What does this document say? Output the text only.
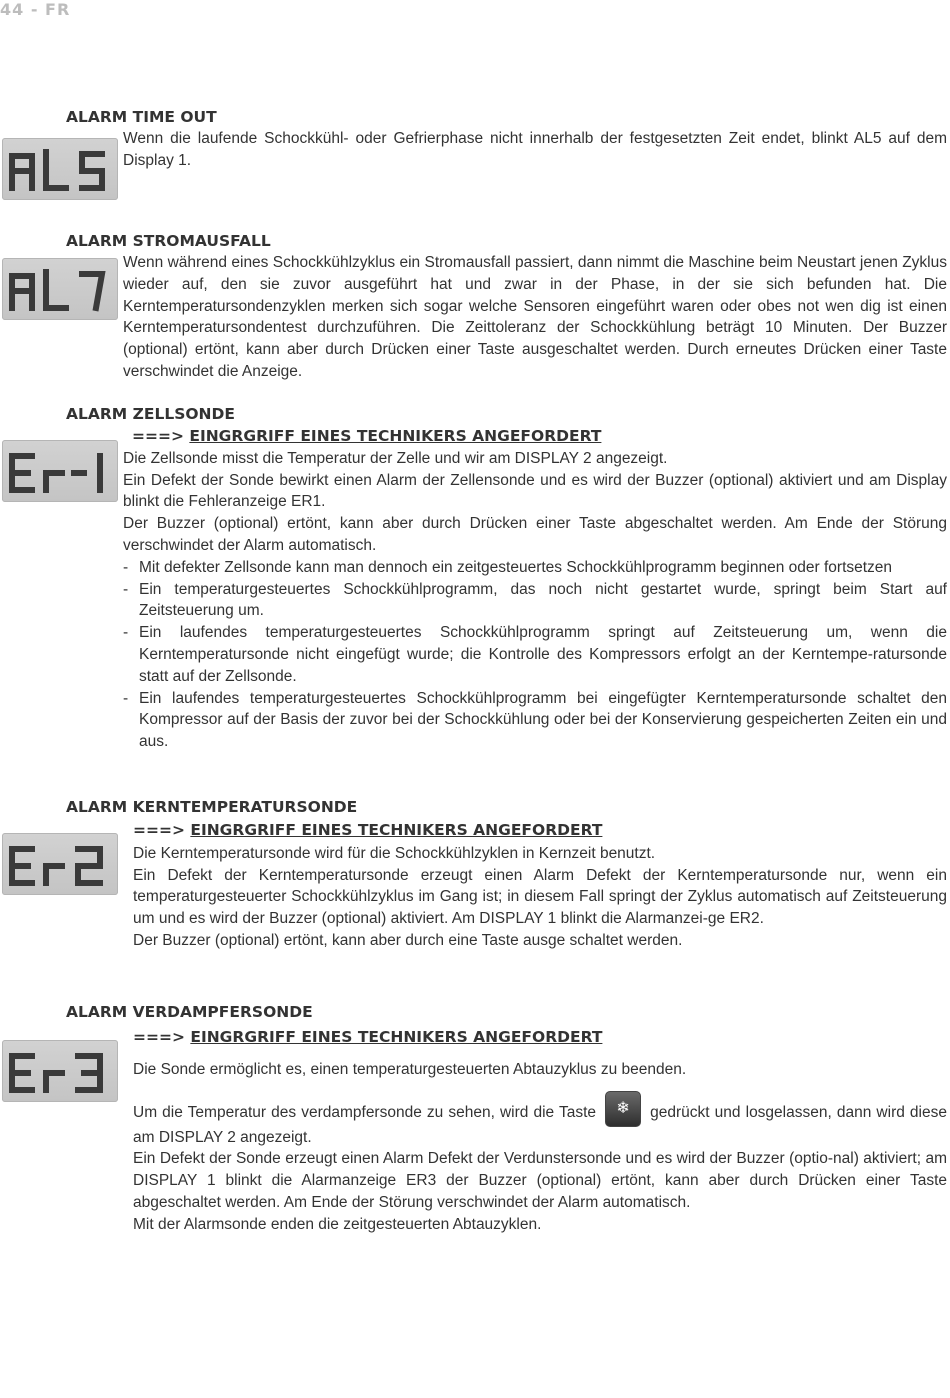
44 - FR
ALARM TIME OUT

Wenn die laufende Schockkühl- oder Gefrierphase nicht innerhalb der festgesetzten Zeit endet, blinkt AL5 auf dem Display 1.

ALARM STROMAUSFALL

Wenn während eines Schockkühlzyklus ein Stromausfall passiert, dann nimmt die Maschine beim Neustart jenen Zyklus wieder auf, den sie zuvor ausgeführt hat und zwar in der Phase, in der sie sich befunden hat. Die Kerntemperatursondenzyklen merken sich sogar welche Sensoren eingeführt waren oder obes not wen dig ist einen Kerntemperatursondentest durchzuführen. Die Zeittoleranz der Schockkühlung beträgt 10 Minuten. Der Buzzer (optional) ertönt, kann aber durch Drücken einer Taste ausgeschaltet werden. Durch erneutes Drücken einer Taste verschwindet die Anzeige.

ALARM ZELLSONDE
===> EINGRGRIFF EINES TECHNIKERS ANGEFORDERT

Die Zellsonde misst die Temperatur der Zelle und wir am DISPLAY 2 angezeigt.

Ein Defekt der Sonde bewirkt einen Alarm der Zellensonde und es wird der Buzzer (optional) aktiviert und am Display blinkt die Fehleranzeige ER1.

Der Buzzer (optional) ertönt, kann aber durch Drücken einer Taste abgeschaltet werden. Am Ende der Störung verschwindet der Alarm automatisch.

- Mit defekter Zellsonde kann man dennoch ein zeitgesteuertes Schockkühlprogramm beginnen oder fortsetzen
- Ein temperaturgesteuertes Schockkühlprogramm, das noch nicht gestartet wurde, springt beim Start auf Zeitsteuerung um.
- Ein laufendes temperaturgesteuertes Schockkühlprogramm springt auf Zeitsteuerung um, wenn die Kerntemperatursonde nicht eingefügt wurde; die Kontrolle des Kompressors erfolgt an der Kerntempe-ratursonde statt auf der Zellsonde.
- Ein laufendes temperaturgesteuertes Schockkühlprogramm bei eingefügter Kerntemperatursonde schaltet den Kompressor auf der Basis der zuvor bei der Schockkühlung oder bei der Konservierung gespeicherten Zeiten ein und aus.
ALARM KERNTEMPERATURSONDE
===> EINGRGRIFF EINES TECHNIKERS ANGEFORDERT

Die Kerntemperatursonde wird für die Schockkühlzyklen in Kernzeit benutzt.

Ein Defekt der Kerntemperatursonde erzeugt einen Alarm Defekt der Kerntemperatursonde nur, wenn ein temperaturgesteuerter Schockkühlzyklus im Gang ist; in diesem Fall springt der Zyklus automatisch auf Zeitsteuerung um und es wird der Buzzer (optional) aktiviert. Am DISPLAY 1 blinkt die Alarmanzei-ge ER2.

Der Buzzer (optional) ertönt, kann aber durch eine Taste ausge schaltet werden.

ALARM VERDAMPFERSONDE
===> EINGRGRIFF EINES TECHNIKERS ANGEFORDERT

Die Sonde ermöglicht es, einen temperaturgesteuerten Abtauzyklus zu beenden.

Um die Temperatur des verdampfersonde zu sehen, wird die Taste	❄	gedrückt und losgelassen, dann wird diese am DISPLAY 2 angezeigt.

Ein Defekt der Sonde erzeugt einen Alarm Defekt der Verdunstersonde und es wird der Buzzer (optio-nal) aktiviert; am DISPLAY 1 blinkt die Alarmanzeige ER3 der Buzzer (optional) ertönt, kann aber durch Drücken einer Taste abgeschaltet werden. Am Ende der Störung verschwindet der Alarm automatisch.

Mit der Alarmsonde enden die zeitgesteuerten Abtauzyklen.
